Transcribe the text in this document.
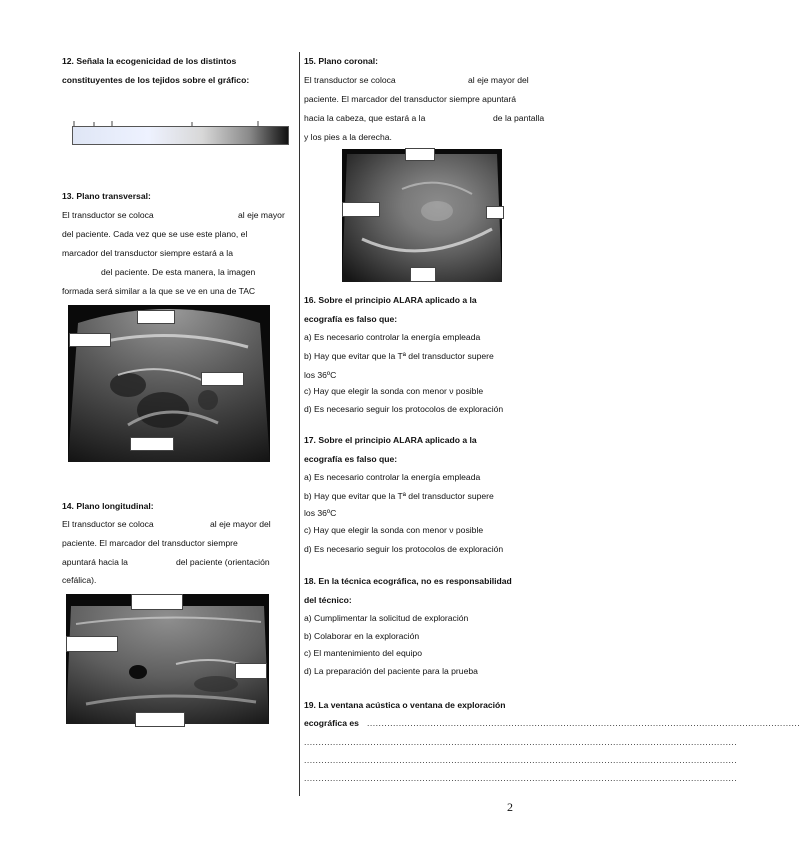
12. Señala la ecogenicidad de los distintos
constituyentes de los tejidos sobre el gráfico:
13. Plano transversal:
El transductor se coloca	al eje mayor
del paciente. Cada vez que se use este plano, el
marcador del transductor siempre estará a la
del paciente. De esta manera, la imagen
formada será similar a la que se ve en una de TAC
14. Plano longitudinal:
El transductor se coloca	al eje mayor del
paciente. El marcador del transductor siempre
apuntará hacia la	del paciente (orientación
cefálica).
15. Plano coronal:
El transductor se coloca	al eje mayor del
paciente. El marcador del transductor siempre apuntará
hacia la cabeza, que estará a la	de la pantalla
y los pies a la derecha.
16. Sobre el principio ALARA aplicado a la
ecografía es falso que:
a) Es necesario controlar la energía empleada
b) Hay que evitar que la Tª del transductor supere
los 36ºC
c) Hay que elegir la sonda con menor ν posible
d) Es necesario seguir los protocolos de exploración
17. Sobre el principio ALARA aplicado a la
ecografía es falso que:
a) Es necesario controlar la energía empleada
b) Hay que evitar que la Tª del transductor supere
los 36ºC
c) Hay que elegir la sonda con menor ν posible
d) Es necesario seguir los protocolos de exploración
18. En la técnica ecográfica, no es responsabilidad
del técnico:
a) Cumplimentar la solicitud de exploración
b) Colaborar en la exploración
c) El mantenimiento del equipo
d) La preparación del paciente para la prueba
19. La ventana acústica o ventana de exploración
ecográfica es ......................................................................................................................................................
......................................................................................................................................................
......................................................................................................................................................
......................................................................................................................................................
2
